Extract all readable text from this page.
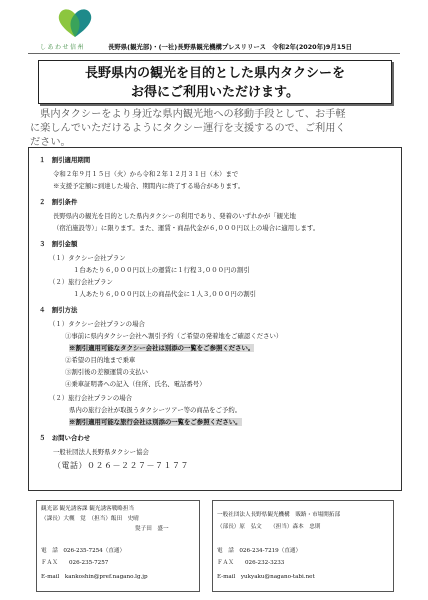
しあわせ信州	長野県(観光部)・(一社)長野県観光機構プレスリリース　令和2年(2020年)9月15日
長野県内の観光を目的とした県内タクシーを
お得にご利用いただけます。
　県内タクシーをより身近な県内観光地への移動手段として、お手軽
に楽しんでいただけるようにタクシー運行を支援するので、ご利用く
ださい。
１　割引適用期間
令和２年９月１５日（火）から令和２年１２月３１日（木）まで
※支援予定額に到達した場合、期間内に終了する場合があります。
２　割引条件
長野県内の観光を目的とした県内タクシーの利用であり、発着のいずれかが「観光地
（宿泊施設等）」に限ります。また、運賃・商品代金が６,０００円以上の場合に適用します。
３　割引金額
（１）タクシー会社プラン
１台あたり６,０００円以上の運賃に１行程３,０００円の割引
（２）旅行会社プラン
１人あたり６,０００円以上の商品代金に１人３,０００円の割引
４　割引方法
（１）タクシー会社プランの場合
①事前に県内タクシー会社へ割引予約（ご希望の発着地をご確認ください）
※割引適用可能なタクシー会社は別添の一覧をご参照ください。
②希望の目的地まで乗車
③割引後の差額運賃の支払い
④乗車証明書への記入（住所、氏名、電話番号）
（２）旅行会社プランの場合
県内の旅行会社が取扱うタクシーツアー等の商品をご予約。
※割引適用可能な旅行会社は別添の一覧をご参照ください。
５　お問い合わせ
一般社団法人長野県タクシー協会
（電話）０２６－２２７－７１７７
観光部 観光誘客課 観光誘客戦略担当
（課長）大槻　覚　（担当）飯田　史晴
髪子田　盛一
電　話　026-235-7254（直通）
ＦＡＸ　　026-235-7257
E-mail　kankoshin@pref.nagano.lg.jp
一般社団法人長野県観光機構　販路・市場開拓部
（部長）原　弘文　　（担当）森本　忠則
電　話　026-234-7219（直通）
ＦＡＸ　　026-232-3233
E-mail　yukyaku@nagano-tabi.net
